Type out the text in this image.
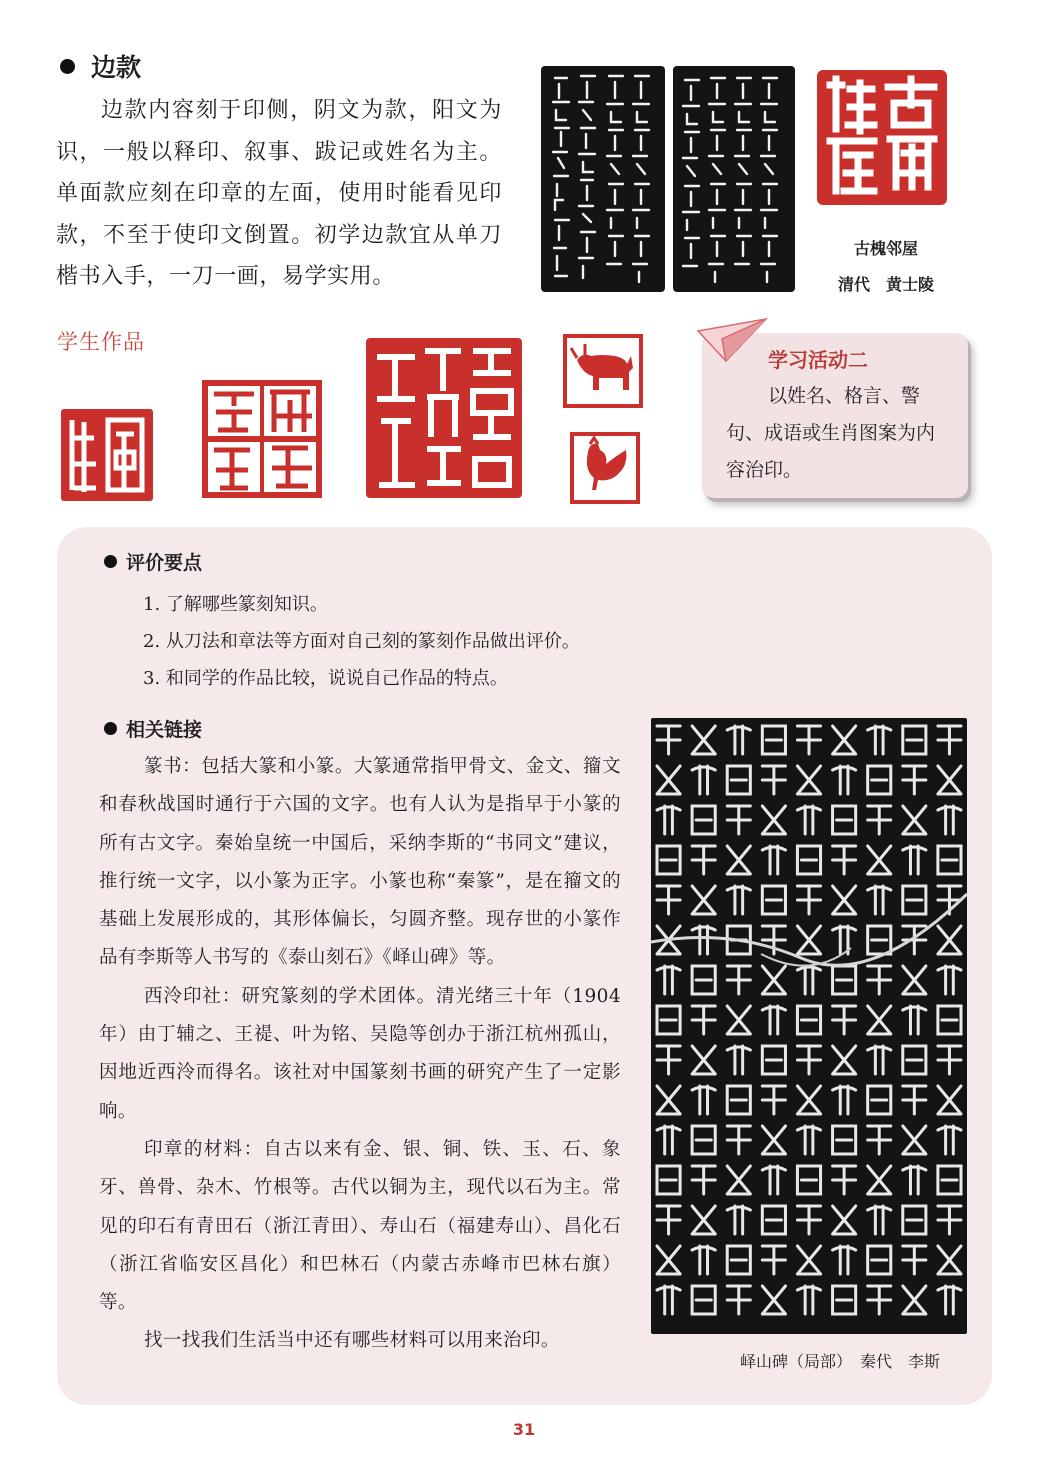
边款
边款内容刻于印侧，阴文为款，阳文为识，一般以释印、叙事、跋记或姓名为主。单面款应刻在印章的左面，使用时能看见印款，不至于使印文倒置。初学边款宜从单刀楷书入手，一刀一画，易学实用。
古槐邻屋
清代　黄士陵
学生作品
学习活动二
以姓名、格言、警句、成语或生肖图案为内容治印。
评价要点
1. 了解哪些篆刻知识。
2. 从刀法和章法等方面对自己刻的篆刻作品做出评价。
3. 和同学的作品比较，说说自己作品的特点。
相关链接

篆书：包括大篆和小篆。大篆通常指甲骨文、金文、籀文和春秋战国时通行于六国的文字。也有人认为是指早于小篆的所有古文字。秦始皇统一中国后，采纳李斯的“书同文”建议，推行统一文字，以小篆为正字。小篆也称“秦篆”，是在籀文的基础上发展形成的，其形体偏长，匀圆齐整。现存世的小篆作品有李斯等人书写的《泰山刻石》《峄山碑》等。

西泠印社：研究篆刻的学术团体。清光绪三十年（1904 年）由丁辅之、王禔、叶为铭、吴隐等创办于浙江杭州孤山，因地近西泠而得名。该社对中国篆刻书画的研究产生了一定影响。

印章的材料：自古以来有金、银、铜、铁、玉、石、象牙、兽骨、杂木、竹根等。古代以铜为主，现代以石为主。常见的印石有青田石（浙江青田）、寿山石（福建寿山）、昌化石（浙江省临安区昌化）和巴林石（内蒙古赤峰市巴林右旗）等。

找一找我们生活当中还有哪些材料可以用来治印。

峄山碑（局部）　秦代　李斯
31
